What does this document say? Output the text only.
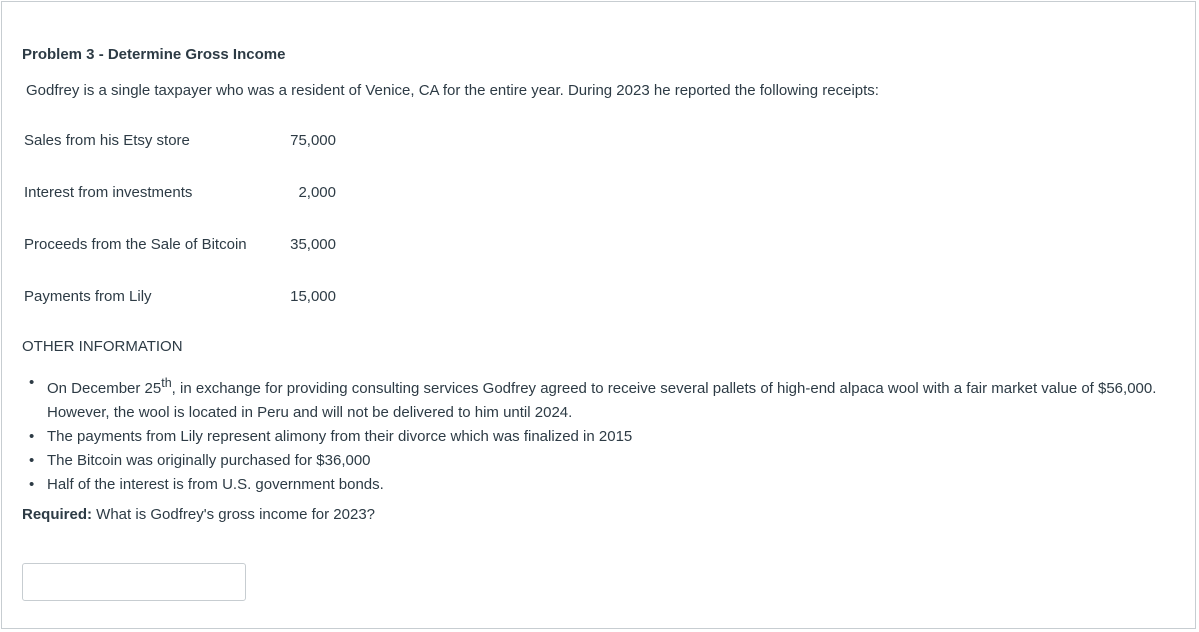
Problem 3 - Determine Gross Income
Godfrey is a single taxpayer who was a resident of Venice, CA for the entire year. During 2023 he reported the following receipts:
Sales from his Etsy store	75,000
Interest from investments	2,000
Proceeds from the Sale of Bitcoin	35,000
Payments from Lily	15,000
OTHER INFORMATION
• On December 25th, in exchange for providing consulting services Godfrey agreed to receive several pallets of high-end alpaca wool with a fair market value of $56,000. However, the wool is located in Peru and will not be delivered to him until 2024.
• The payments from Lily represent alimony from their divorce which was finalized in 2015
• The Bitcoin was originally purchased for $36,000
• Half of the interest is from U.S. government bonds.
Required: What is Godfrey's gross income for 2023?
